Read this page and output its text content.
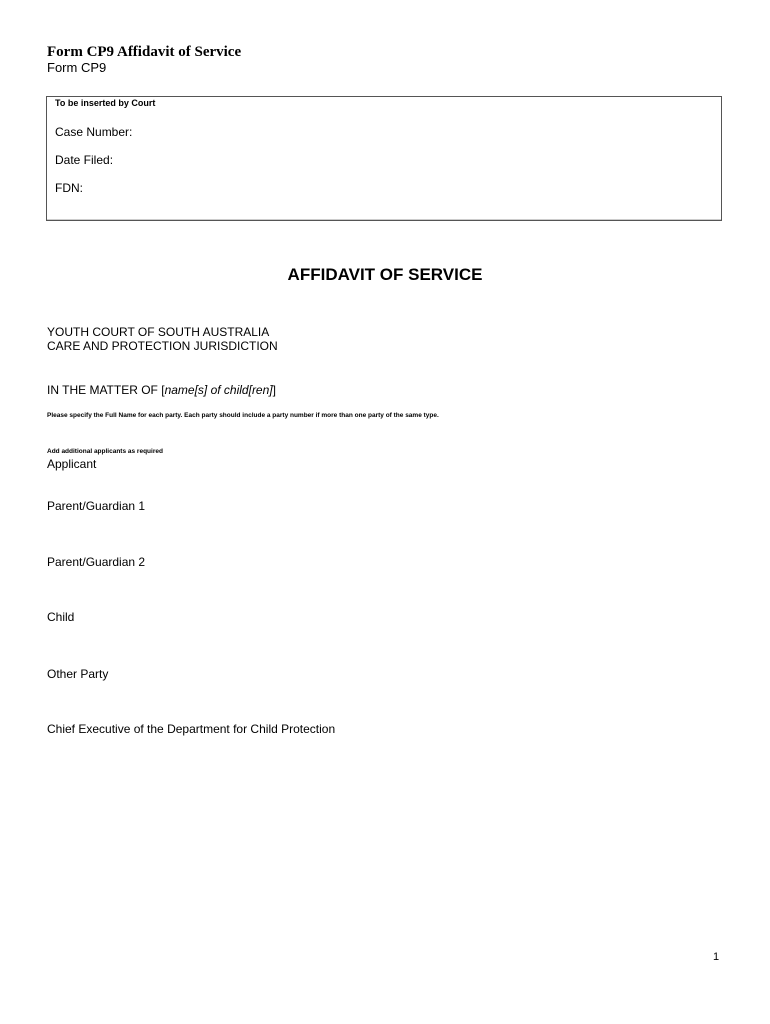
Form CP9 Affidavit of Service
Form CP9
To be inserted by Court
Case Number:
Date Filed:
FDN:
AFFIDAVIT OF SERVICE
YOUTH COURT OF SOUTH AUSTRALIA
CARE AND PROTECTION JURISDICTION
IN THE MATTER OF [name[s] of child[ren]]
Please specify the Full Name for each party. Each party should include a party number if more than one party of the same type.
Add additional applicants as required
Applicant
Parent/Guardian 1
Parent/Guardian 2
Child
Other Party
Chief Executive of the Department for Child Protection
1
